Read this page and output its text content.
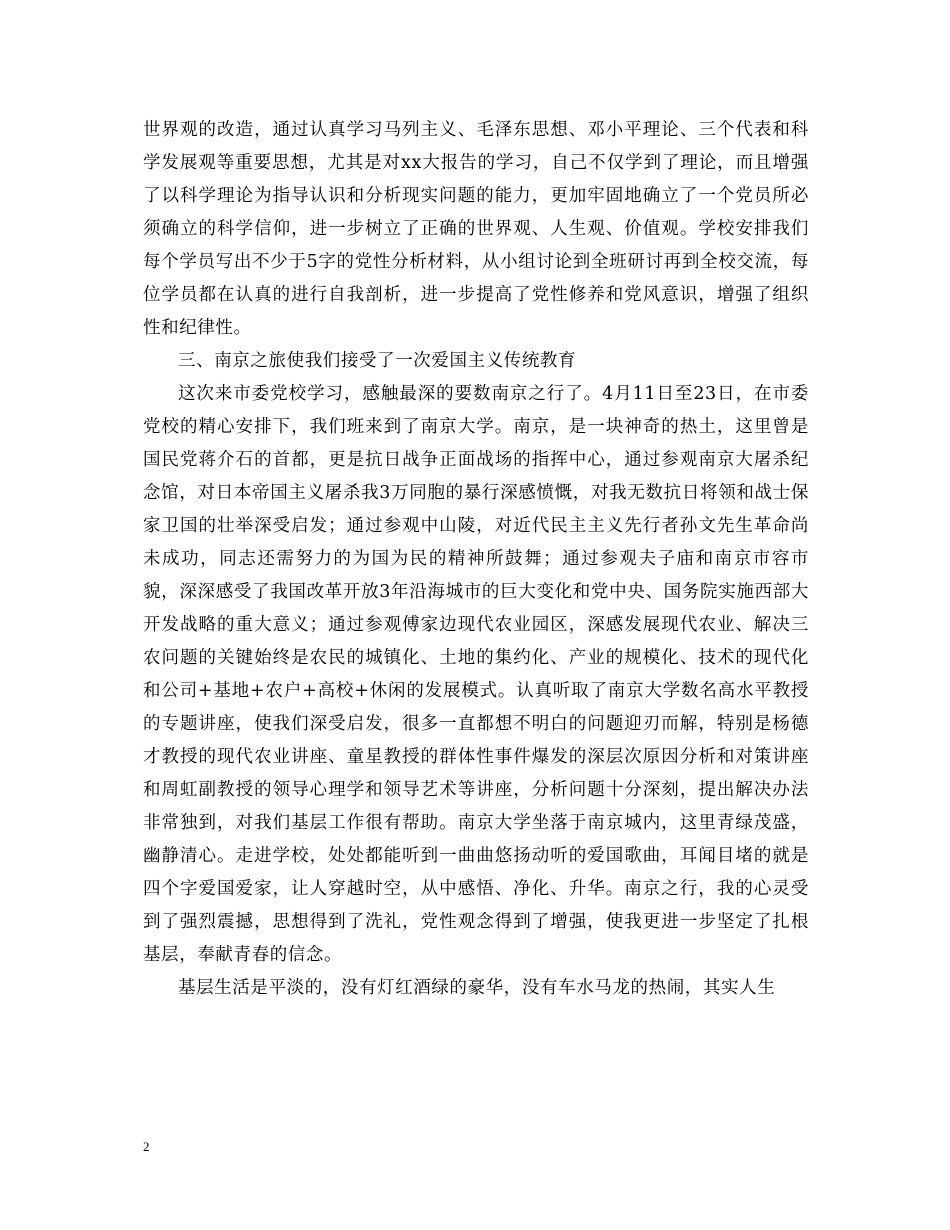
世界观的改造，通过认真学习马列主义、毛泽东思想、邓小平理论、三个代表和科学发展观等重要思想，尤其是对xx大报告的学习，自己不仅学到了理论，而且增强了以科学理论为指导认识和分析现实问题的能力，更加牢固地确立了一个党员所必须确立的科学信仰，进一步树立了正确的世界观、人生观、价值观。学校安排我们每个学员写出不少于5字的党性分析材料，从小组讨论到全班研讨再到全校交流，每位学员都在认真的进行自我剖析，进一步提高了党性修养和党风意识，增强了组织性和纪律性。

三、南京之旅使我们接受了一次爱国主义传统教育

这次来市委党校学习，感触最深的要数南京之行了。4月11日至23日，在市委党校的精心安排下，我们班来到了南京大学。南京，是一块神奇的热土，这里曾是国民党蒋介石的首都，更是抗日战争正面战场的指挥中心，通过参观南京大屠杀纪念馆，对日本帝国主义屠杀我3万同胞的暴行深感愤慨，对我无数抗日将领和战士保家卫国的壮举深受启发；通过参观中山陵，对近代民主主义先行者孙文先生革命尚未成功，同志还需努力的为国为民的精神所鼓舞；通过参观夫子庙和南京市容市貌，深深感受了我国改革开放3年沿海城市的巨大变化和党中央、国务院实施西部大开发战略的重大意义；通过参观傅家边现代农业园区，深感发展现代农业、解决三农问题的关键始终是农民的城镇化、土地的集约化、产业的规模化、技术的现代化和公司+基地+农户+高校+休闲的发展模式。认真听取了南京大学数名高水平教授的专题讲座，使我们深受启发，很多一直都想不明白的问题迎刃而解，特别是杨德才教授的现代农业讲座、童星教授的群体性事件爆发的深层次原因分析和对策讲座和周虹副教授的领导心理学和领导艺术等讲座，分析问题十分深刻，提出解决办法非常独到，对我们基层工作很有帮助。南京大学坐落于南京城内，这里青绿茂盛，幽静清心。走进学校，处处都能听到一曲曲悠扬动听的爱国歌曲，耳闻目堵的就是四个字爱国爱家，让人穿越时空，从中感悟、净化、升华。南京之行，我的心灵受到了强烈震撼，思想得到了洗礼，党性观念得到了增强，使我更进一步坚定了扎根基层，奉献青春的信念。

基层生活是平淡的，没有灯红酒绿的豪华，没有车水马龙的热闹，其实人生

2
